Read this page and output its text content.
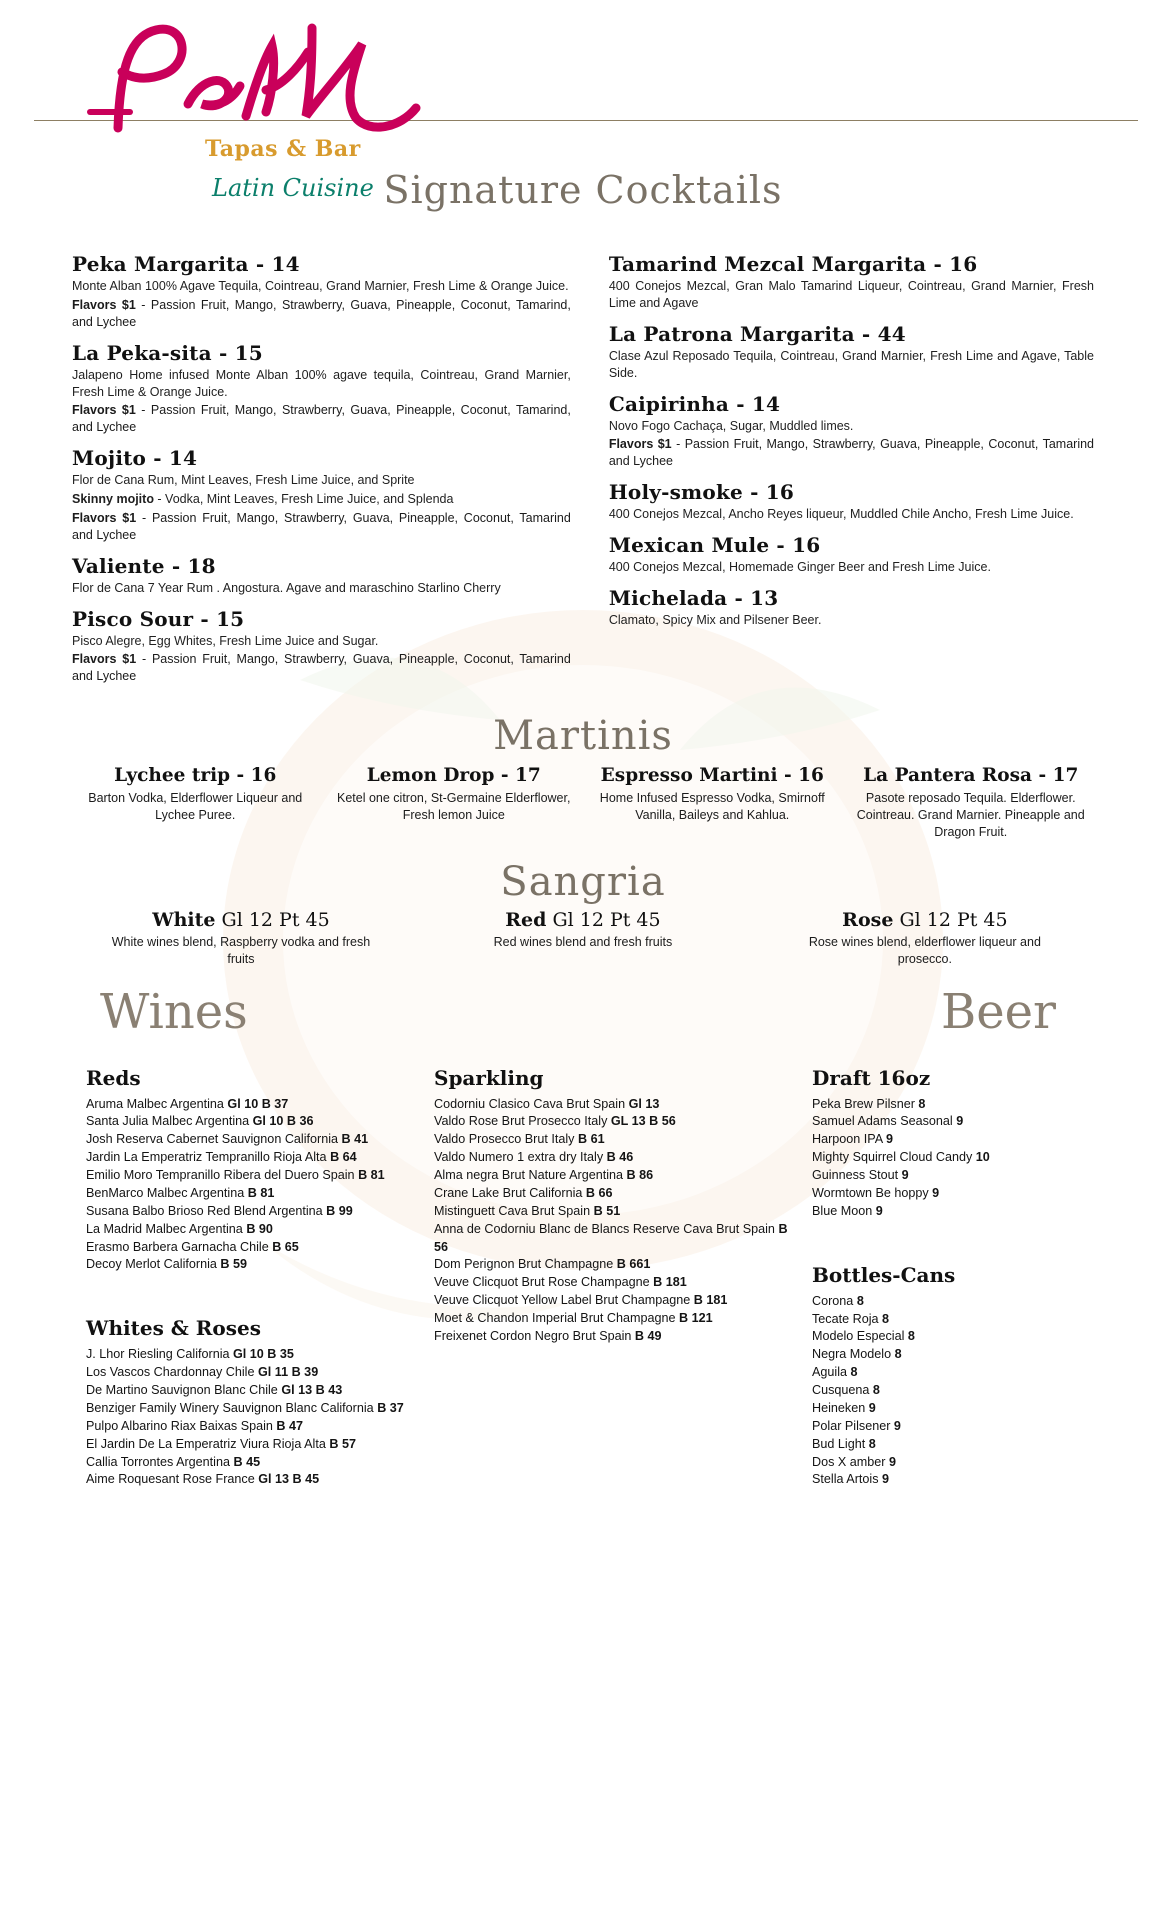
Tapas & Bar
Latin Cuisine Signature Cocktails
Peka Margarita - 14

Monte Alban 100% Agave Tequila, Cointreau, Grand Marnier, Fresh Lime & Orange Juice.

Flavors $1 - Passion Fruit, Mango, Strawberry, Guava, Pineapple, Coconut, Tamarind, and Lychee

La Peka-sita - 15

Jalapeno Home infused Monte Alban 100% agave tequila, Cointreau, Grand Marnier, Fresh Lime & Orange Juice.

Flavors $1 - Passion Fruit, Mango, Strawberry, Guava, Pineapple, Coconut, Tamarind, and Lychee

Mojito - 14

Flor de Cana Rum, Mint Leaves, Fresh Lime Juice, and Sprite

Skinny mojito - Vodka, Mint Leaves, Fresh Lime Juice, and Splenda

Flavors $1 - Passion Fruit, Mango, Strawberry, Guava, Pineapple, Coconut, Tamarind and Lychee

Valiente - 18

Flor de Cana 7 Year Rum . Angostura. Agave and maraschino Starlino Cherry

Pisco Sour - 15

Pisco Alegre, Egg Whites, Fresh Lime Juice and Sugar.

Flavors $1 - Passion Fruit, Mango, Strawberry, Guava, Pineapple, Coconut, Tamarind and Lychee

Tamarind Mezcal Margarita - 16

400 Conejos Mezcal, Gran Malo Tamarind Liqueur, Cointreau, Grand Marnier, Fresh Lime and Agave

La Patrona Margarita - 44

Clase Azul Reposado Tequila, Cointreau, Grand Marnier, Fresh Lime and Agave, Table Side.

Caipirinha - 14

Novo Fogo Cachaça, Sugar, Muddled limes.

Flavors $1 - Passion Fruit, Mango, Strawberry, Guava, Pineapple, Coconut, Tamarind and Lychee

Holy-smoke - 16

400 Conejos Mezcal, Ancho Reyes liqueur, Muddled Chile Ancho, Fresh Lime Juice.

Mexican Mule - 16

400 Conejos Mezcal, Homemade Ginger Beer and Fresh Lime Juice.

Michelada - 13

Clamato, Spicy Mix and Pilsener Beer.

Martinis
Lychee trip - 16
Barton Vodka, Elderflower Liqueur and Lychee Puree.
Lemon Drop - 17
Ketel one citron, St-Germaine Elderflower, Fresh lemon Juice
Espresso Martini - 16
Home Infused Espresso Vodka, Smirnoff Vanilla, Baileys and Kahlua.
La Pantera Rosa - 17
Pasote reposado Tequila. Elderflower. Cointreau. Grand Marnier. Pineapple and Dragon Fruit.
Sangria
White Gl 12 Pt 45
White wines blend, Raspberry vodka and fresh fruits
Red Gl 12 Pt 45
Red wines blend and fresh fruits
Rose Gl 12 Pt 45
Rose wines blend, elderflower liqueur and prosecco.
Wines	Beer
Reds
Aruma Malbec Argentina Gl 10 B 37
Santa Julia Malbec Argentina Gl 10 B 36
Josh Reserva Cabernet Sauvignon California B 41
Jardin La Emperatriz Tempranillo Rioja Alta B 64
Emilio Moro Tempranillo Ribera del Duero Spain B 81
BenMarco Malbec Argentina B 81
Susana Balbo Brioso Red Blend Argentina B 99
La Madrid Malbec Argentina B 90
Erasmo Barbera Garnacha Chile B 65
Decoy Merlot California B 59
Whites & Roses
J. Lhor Riesling California Gl 10 B 35
Los Vascos Chardonnay Chile Gl 11 B 39
De Martino Sauvignon Blanc Chile Gl 13 B 43
Benziger Family Winery Sauvignon Blanc California B 37
Pulpo Albarino Riax Baixas Spain B 47
El Jardin De La Emperatriz Viura Rioja Alta B 57
Callia Torrontes Argentina B 45
Aime Roquesant Rose France Gl 13 B 45
Sparkling
Codorniu Clasico Cava Brut Spain Gl 13
Valdo Rose Brut Prosecco Italy GL 13 B 56
Valdo Prosecco Brut Italy B 61
Valdo Numero 1 extra dry Italy B 46
Alma negra Brut Nature Argentina B 86
Crane Lake Brut California B 66
Mistinguett Cava Brut Spain B 51
Anna de Codorniu Blanc de Blancs Reserve Cava Brut Spain B 56
Dom Perignon Brut Champagne B 661
Veuve Clicquot Brut Rose Champagne B 181
Veuve Clicquot Yellow Label Brut Champagne B 181
Moet & Chandon Imperial Brut Champagne B 121
Freixenet Cordon Negro Brut Spain B 49
Draft 16oz
Peka Brew Pilsner 8
Samuel Adams Seasonal 9
Harpoon IPA 9
Mighty Squirrel Cloud Candy 10
Guinness Stout 9
Wormtown Be hoppy 9
Blue Moon 9
Bottles-Cans
Corona 8
Tecate Roja 8
Modelo Especial 8
Negra Modelo 8
Aguila 8
Cusquena 8
Heineken 9
Polar Pilsener 9
Bud Light 8
Dos X amber 9
Stella Artois 9
